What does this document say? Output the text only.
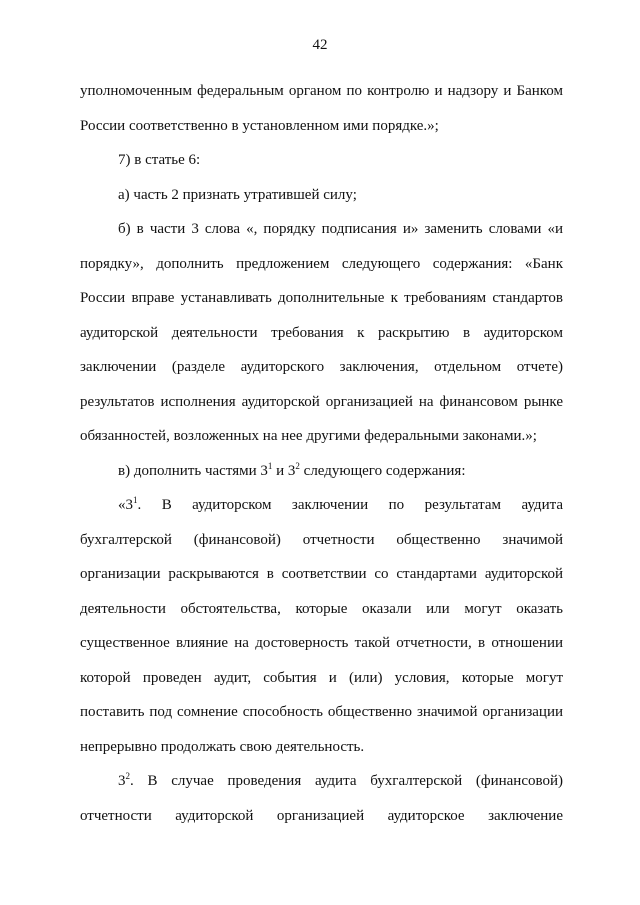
42
уполномоченным федеральным органом по контролю и надзору и Банком
России соответственно в установленном ими порядке.»;
7) в статье 6:
а) часть 2 признать утратившей силу;
б) в части 3 слова «, порядку подписания и» заменить словами «и
порядку», дополнить предложением следующего содержания: «Банк
России вправе устанавливать дополнительные к требованиям стандартов
аудиторской деятельности требования к раскрытию в аудиторском
заключении (разделе аудиторского заключения, отдельном отчете)
результатов исполнения аудиторской организацией на финансовом рынке
обязанностей, возложенных на нее другими федеральными законами.»;
в) дополнить частями $3^1$ и $3^2$ следующего содержания:
«$3^1$. В аудиторском заключении по результатам аудита
бухгалтерской (финансовой) отчетности общественно значимой
организации раскрываются в соответствии со стандартами аудиторской
деятельности обстоятельства, которые оказали или могут оказать
существенное влияние на достоверность такой отчетности, в отношении
которой проведен аудит, события и (или) условия, которые могут
поставить под сомнение способность общественно значимой организации
непрерывно продолжать свою деятельность.
$3^2$. В случае проведения аудита бухгалтерской (финансовой)
отчетности аудиторской организацией аудиторское заключение
